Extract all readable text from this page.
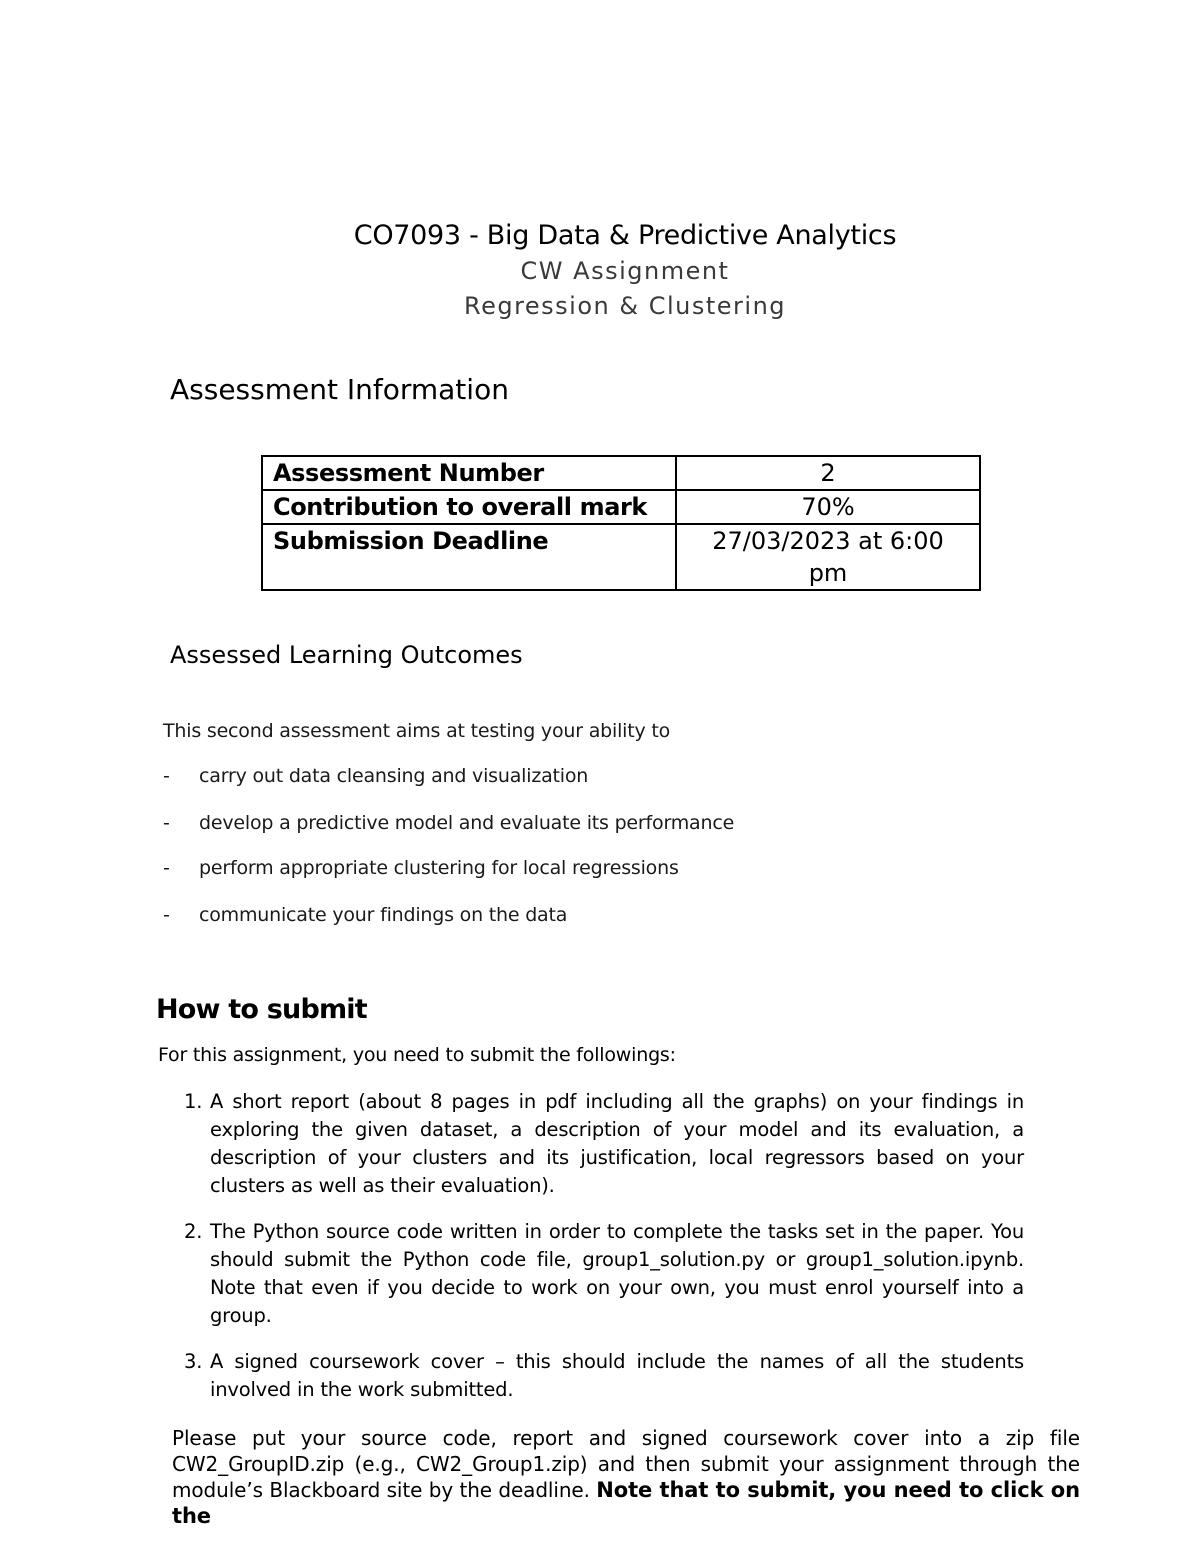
CO7093 - Big Data & Predictive Analytics
CW Assignment
Regression & Clustering
Assessment Information
Assessment Number	2
Contribution to overall mark	70%
Submission Deadline	27/03/2023 at 6:00 pm
Assessed Learning Outcomes
This second assessment aims at testing your ability to
- carry out data cleansing and visualization
- develop a predictive model and evaluate its performance
- perform appropriate clustering for local regressions
- communicate your findings on the data
How to submit
For this assignment, you need to submit the followings:
1. A short report (about 8 pages in pdf including all the graphs) on your findings in exploring the given dataset, a description of your model and its evaluation, a description of your clusters and its justification, local regressors based on your clusters as well as their evaluation).
2. The Python source code written in order to complete the tasks set in the paper. You should submit the Python code file, group1_solution.py or group1_solution.ipynb. Note that even if you decide to work on your own, you must enrol yourself into a group.
3. A signed coursework cover – this should include the names of all the students involved in the work submitted.
Please put your source code, report and signed coursework cover into a zip file CW2_GroupID.zip (e.g., CW2_Group1.zip) and then submit your assignment through the module’s Blackboard site by the deadline. Note that to submit, you need to click on the
